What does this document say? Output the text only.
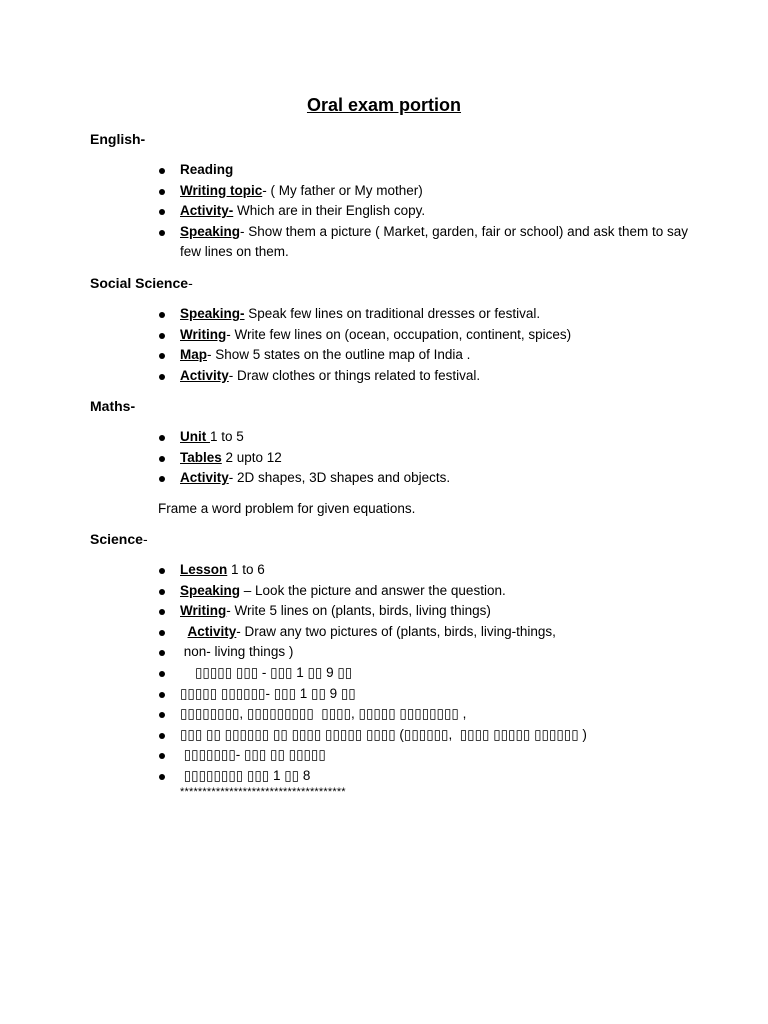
Oral exam portion
English-
Reading
Writing topic- ( My father or My mother)
Activity- Which are in their English copy.
Speaking- Show them a picture ( Market, garden, fair or school) and ask them to say few lines on them.
Social Science-
Speaking- Speak few lines on traditional dresses or festival.
Writing- Write few lines on (ocean, occupation, continent, spices)
Map- Show 5 states on the outline map of India .
Activity- Draw clothes or things related to festival.
Maths-
Unit 1 to 5
Tables 2 upto 12
Activity- 2D shapes, 3D shapes and objects.
Frame a word problem for given equations.
Science-
Lesson 1 to 6
Speaking – Look the picture and answer the question.
Writing- Write 5 lines on (plants, birds, living things)
Activity- Draw any two pictures of (plants, birds, living-things,
non- living things )
▯▯▯▯▯ ▯▯▯ - ▯▯▯ 1 ▯▯ 9 ▯▯
▯▯▯▯▯ ▯▯▯▯▯▯- ▯▯▯ 1 ▯▯ 9 ▯▯
▯▯▯▯▯▯▯▯, ▯▯▯▯▯▯▯▯▯  ▯▯▯▯, ▯▯▯▯▯ ▯▯▯▯▯▯▯▯ ,
▯▯▯ ▯▯ ▯▯▯▯▯▯ ▯▯ ▯▯▯▯ ▯▯▯▯▯ ▯▯▯▯ (▯▯▯▯▯▯,  ▯▯▯▯ ▯▯▯▯▯ ▯▯▯▯▯▯ )
▯▯▯▯▯▯▯- ▯▯▯ ▯▯ ▯▯▯▯▯
▯▯▯▯▯▯▯▯ ▯▯▯ 1 ▯▯ 8
*************************************
